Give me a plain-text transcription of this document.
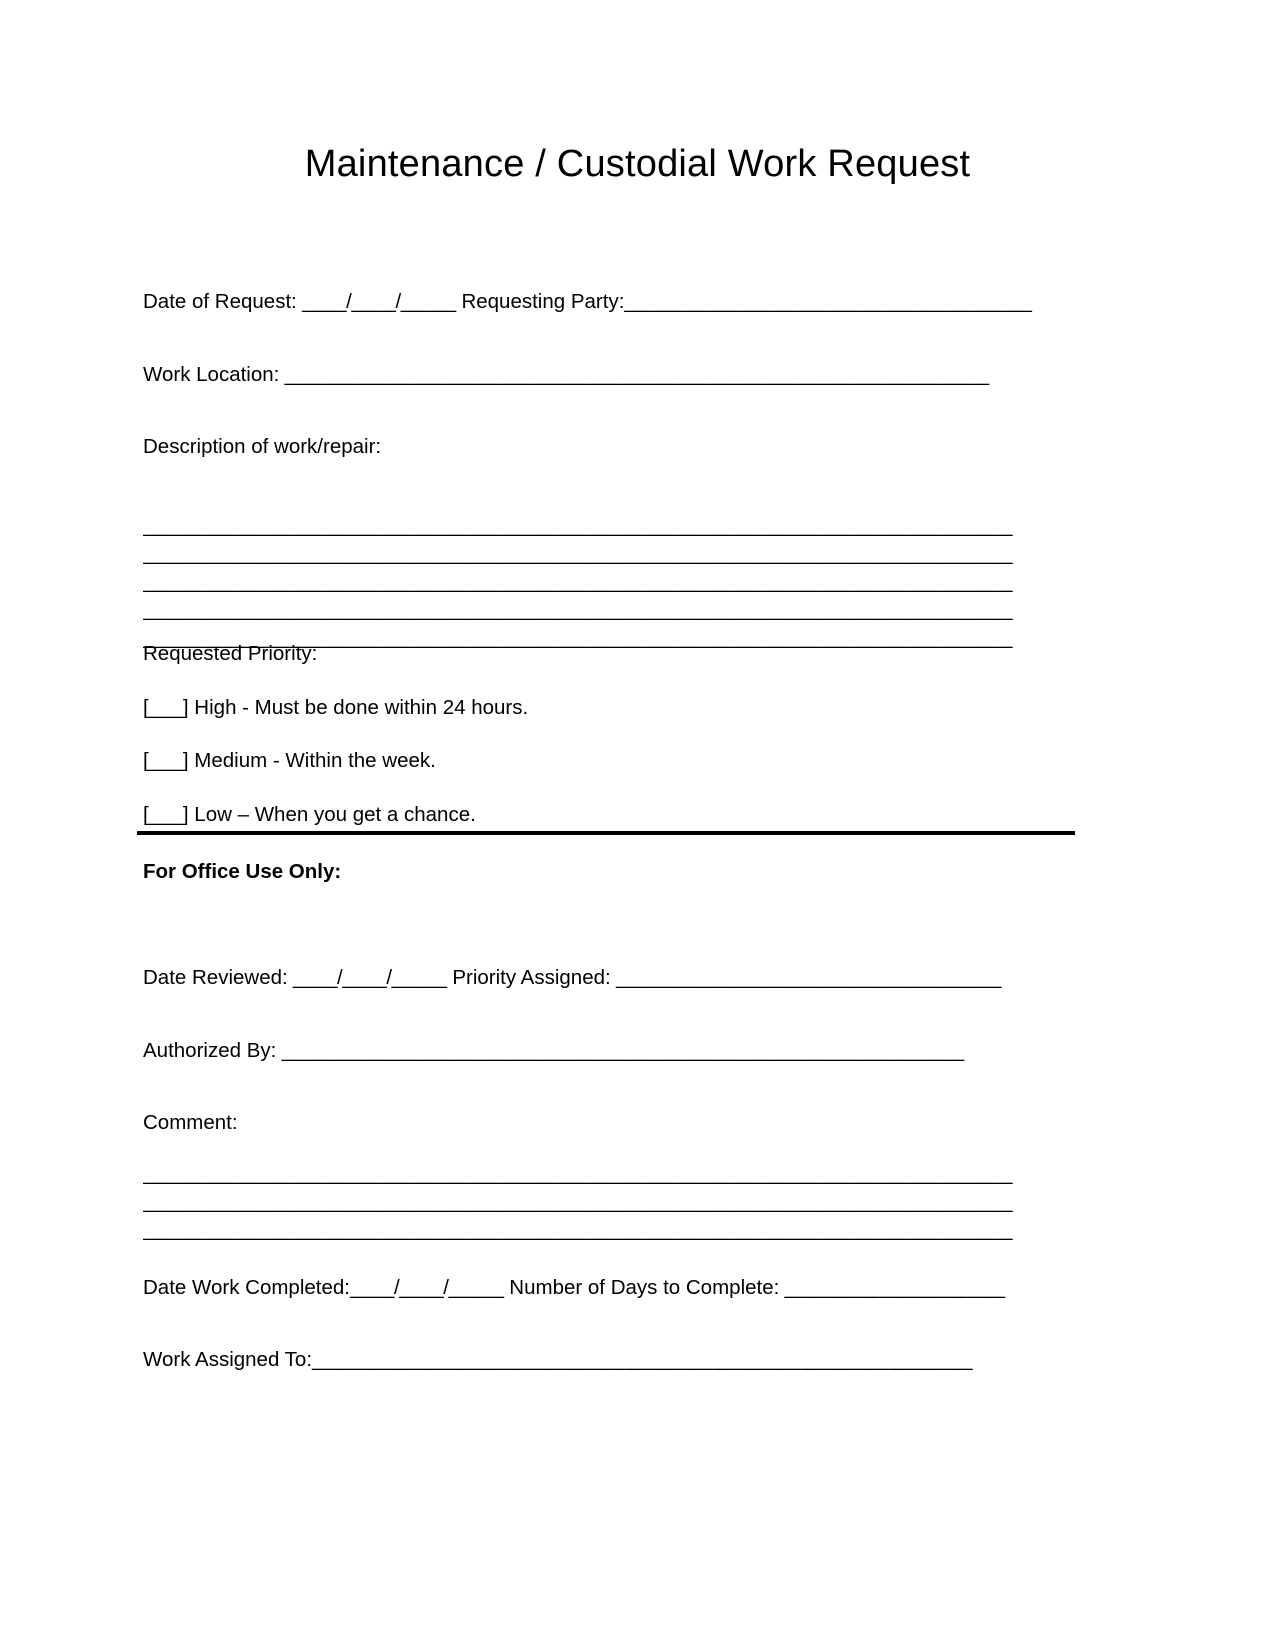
Maintenance / Custodial Work Request
Date of Request: ____/____/_____ Requesting Party:_____________________________________
Work Location: ________________________________________________________________
Description of work/repair:
_______________________________________________________________________________
_______________________________________________________________________________
_______________________________________________________________________________
_______________________________________________________________________________
_______________________________________________________________________________
Requested Priority:
[___] High - Must be done within 24 hours.
[___] Medium - Within the week.
[___] Low – When you get a chance.
For Office Use Only:
Date Reviewed: ____/____/_____ Priority Assigned: ___________________________________
Authorized By: ______________________________________________________________
Comment:
_______________________________________________________________________________
_______________________________________________________________________________
_______________________________________________________________________________
Date Work Completed:____/____/_____ Number of Days to Complete: ____________________
Work Assigned To:____________________________________________________________
